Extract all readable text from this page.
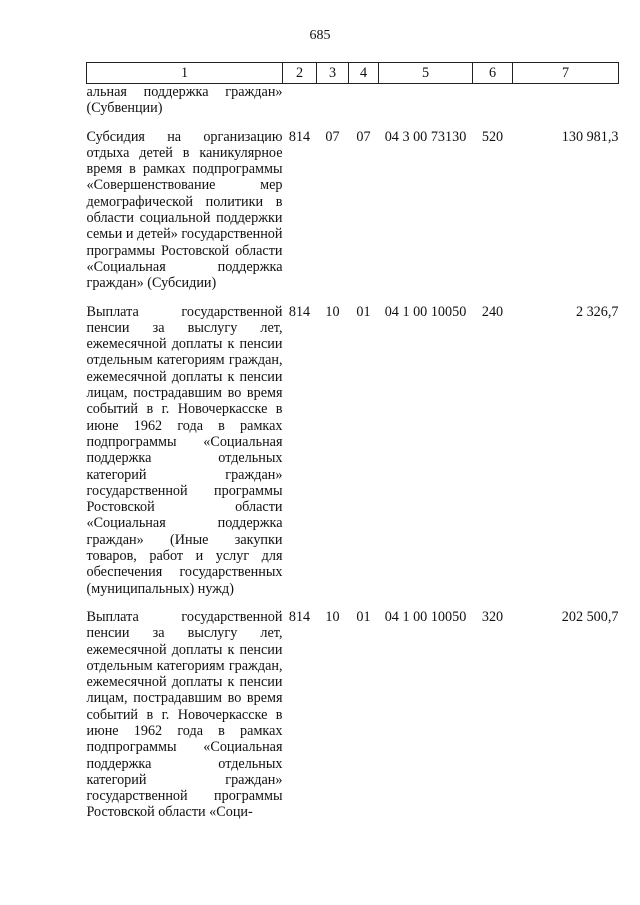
685
1	2	3	4	5	6	7
альная поддержка граждан» (Субвенции)						
Субсидия на организацию отдыха детей в каникулярное время в рамках подпрограммы «Совершенствование мер демографической политики в области социальной поддержки семьи и детей» государственной программы Ростовской области «Социальная поддержка граждан» (Субсидии)	814	07	07	04 3 00 73130	520	130 981,3
Выплата государственной пенсии за выслугу лет, ежемесячной доплаты к пенсии отдельным категориям граждан, ежемесячной доплаты к пенсии лицам, пострадавшим во время событий в г. Новочеркасске в июне 1962 года в рамках подпрограммы «Социальная поддержка отдельных категорий граждан» государственной программы Ростовской области «Социальная поддержка граждан» (Иные закупки товаров, работ и услуг для обеспечения государственных (муниципальных) нужд)	814	10	01	04 1 00 10050	240	2 326,7
Выплата государственной пенсии за выслугу лет, ежемесячной доплаты к пенсии отдельным категориям граждан, ежемесячной доплаты к пенсии лицам, пострадавшим во время событий в г. Новочеркасске в июне 1962 года в рамках подпрограммы «Социальная поддержка отдельных категорий граждан» государственной программы Ростовской области «Соци-	814	10	01	04 1 00 10050	320	202 500,7
